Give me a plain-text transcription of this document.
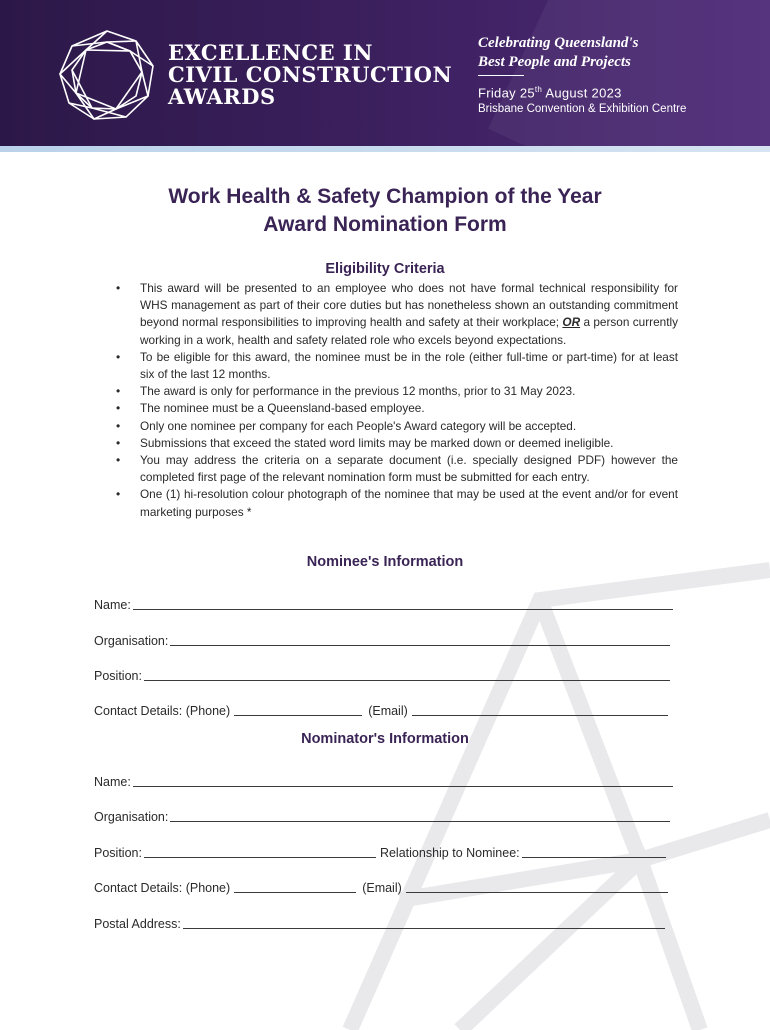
EXCELLENCE IN
CIVIL CONSTRUCTION
AWARDS
Celebrating Queensland's
Best People and Projects
Friday 25th August 2023
Brisbane Convention & Exhibition Centre
Work Health & Safety Champion of the Year
Award Nomination Form
Eligibility Criteria
• This award will be presented to an employee who does not have formal technical responsibility for WHS management as part of their core duties but has nonetheless shown an outstanding commitment beyond normal responsibilities to improving health and safety at their workplace; OR a person currently working in a work, health and safety related role who excels beyond expectations.
• To be eligible for this award, the nominee must be in the role (either full-time or part-time) for at least six of the last 12 months.
• The award is only for performance in the previous 12 months, prior to 31 May 2023.
• The nominee must be a Queensland-based employee.
• Only one nominee per company for each People's Award category will be accepted.
• Submissions that exceed the stated word limits may be marked down or deemed ineligible.
• You may address the criteria on a separate document (i.e. specially designed PDF) however the completed first page of the relevant nomination form must be submitted for each entry.
• One (1) hi-resolution colour photograph of the nominee that may be used at the event and/or for event marketing purposes *
Nominee's Information
Name:
Organisation:
Position:
Contact Details: (Phone)	(Email)
Nominator's Information
Name:
Organisation:
Position:	Relationship to Nominee:
Contact Details: (Phone)	(Email)
Postal Address:
